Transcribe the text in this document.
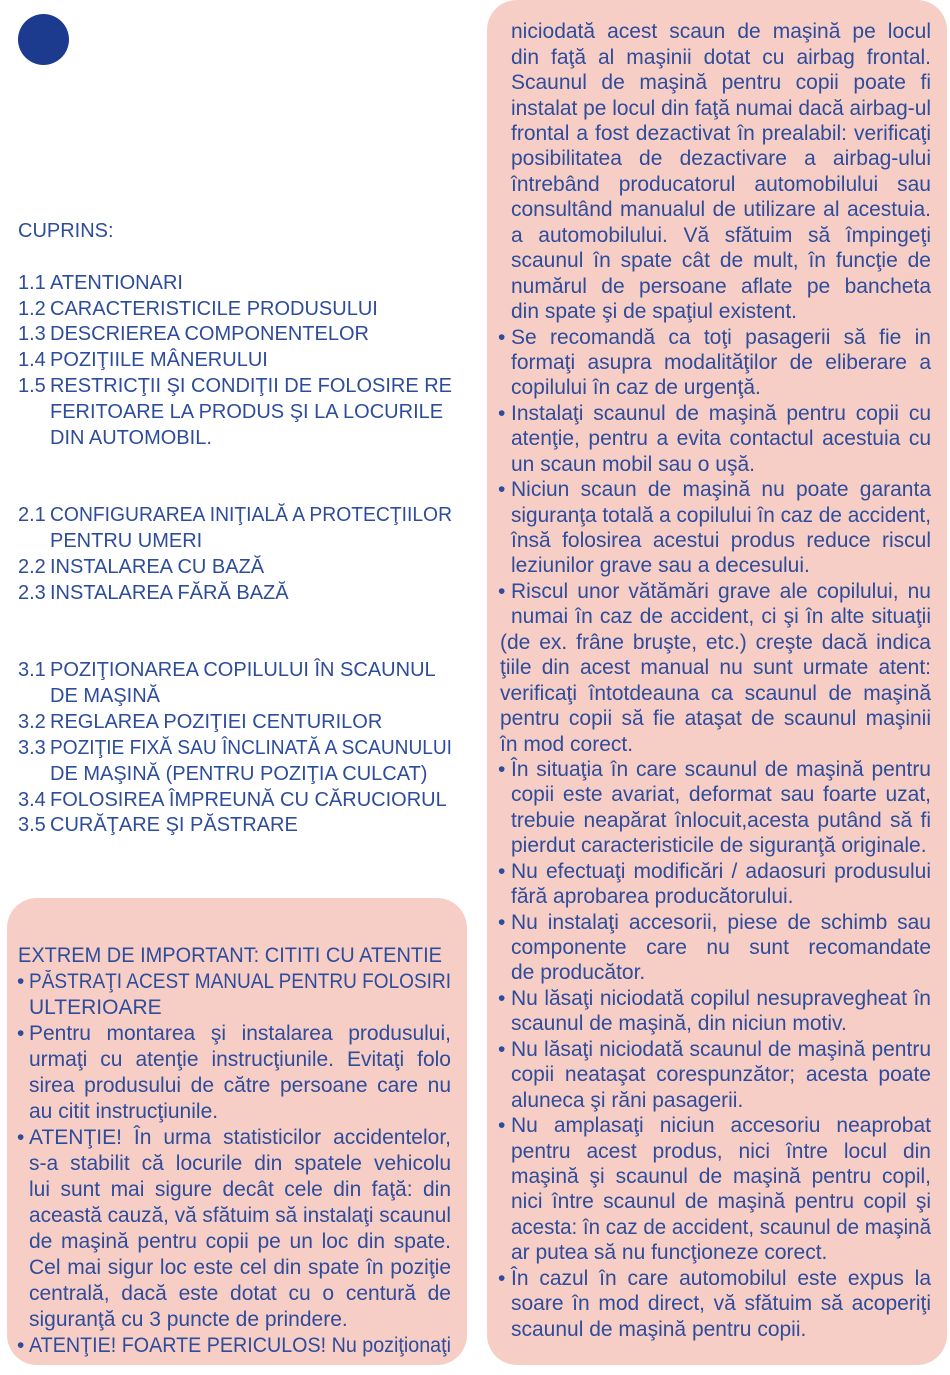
CUPRINS:
1.1 ATENTIONARI
1.2 CARACTERISTICILE PRODUSULUI
1.3 DESCRIEREA COMPONENTELOR
1.4 POZIŢIILE MÂNERULUI
1.5 RESTRICŢII ŞI CONDIŢII DE FOLOSIRE RE
FERITOARE LA PRODUS ŞI LA LOCURILE
DIN AUTOMOBIL.
2.1 CONFIGURAREA INIŢIALĂ A PROTECŢIILOR
PENTRU UMERI
2.2 INSTALAREA CU BAZĂ
2.3 INSTALAREA FĂRĂ BAZĂ
3.1 POZIŢIONAREA COPILULUI ÎN SCAUNUL
DE MAŞINĂ
3.2 REGLAREA POZIŢIEI CENTURILOR
3.3 POZIŢIE FIXĂ SAU ÎNCLINATĂ A SCAUNULUI
DE MAŞINĂ (PENTRU POZIŢIA CULCAT)
3.4 FOLOSIREA ÎMPREUNĂ CU CĂRUCIORUL
3.5 CURĂŢARE ŞI PĂSTRARE
EXTREM DE IMPORTANT: CITITI CU ATENTIE
• PĂSTRAŢI ACEST MANUAL PENTRU FOLOSIRI
ULTERIOARE
• Pentru montarea şi instalarea produsului,
urmaţi cu atenţie instrucţiunile. Evitaţi folo
sirea produsului de către persoane care nu
au citit instrucţiunile.
• ATENŢIE! În urma statisticilor accidentelor,
s-a stabilit că locurile din spatele vehicolu
lui sunt mai sigure decât cele din faţă: din
această cauză, vă sfătuim să instalaţi scaunul
de maşină pentru copii pe un loc din spate.
Cel mai sigur loc este cel din spate în poziţie
centrală, dacă este dotat cu o centură de
siguranţă cu 3 puncte de prindere.
• ATENŢIE! FOARTE PERICULOS! Nu poziţionaţi
niciodată acest scaun de maşină pe locul
din faţă al maşinii dotat cu airbag frontal.
Scaunul de maşină pentru copii poate fi
instalat pe locul din faţă numai dacă airbag-ul
frontal a fost dezactivat în prealabil: verificaţi
posibilitatea de dezactivare a airbag-ului
întrebând producatorul automobilului sau
consultând manualul de utilizare al acestuia.
a automobilului. Vă sfătuim să împingeţi
scaunul în spate cât de mult, în funcţie de
numărul de persoane aflate pe bancheta
din spate şi de spaţiul existent.
• Se recomandă ca toţi pasagerii să fie in
formaţi asupra modalităţilor de eliberare a
copilului în caz de urgenţă.
• Instalaţi scaunul de maşină pentru copii cu
atenţie, pentru a evita contactul acestuia cu
un scaun mobil sau o uşă.
• Niciun scaun de maşină nu poate garanta
siguranţa totală a copilului în caz de accident,
însă folosirea acestui produs reduce riscul
leziunilor grave sau a decesului.
• Riscul unor vătămări grave ale copilului, nu
numai în caz de accident, ci şi în alte situaţii
(de ex. frâne bruşte, etc.) creşte dacă indica
ţiile din acest manual nu sunt urmate atent:
verificaţi întotdeauna ca scaunul de maşină
pentru copii să fie ataşat de scaunul maşinii
în mod corect.
• În situaţia în care scaunul de maşină pentru
copii este avariat, deformat sau foarte uzat,
trebuie neapărat înlocuit,acesta putând să fi
pierdut caracteristicile de siguranţă originale.
• Nu efectuaţi modificări / adaosuri produsului
fără aprobarea producătorului.
• Nu instalaţi accesorii, piese de schimb sau
componente care nu sunt recomandate
de producător.
• Nu lăsaţi niciodată copilul nesupravegheat în
scaunul de maşină, din niciun motiv.
• Nu lăsaţi niciodată scaunul de maşină pentru
copii neataşat corespunzător; acesta poate
aluneca şi răni pasagerii.
• Nu amplasaţi niciun accesoriu neaprobat
pentru acest produs, nici între locul din
maşină şi scaunul de maşină pentru copil,
nici între scaunul de maşină pentru copil şi
acesta: în caz de accident, scaunul de maşină
ar putea să nu funcţioneze corect.
• În cazul în care automobilul este expus la
soare în mod direct, vă sfătuim să acoperiţi
scaunul de maşină pentru copii.
